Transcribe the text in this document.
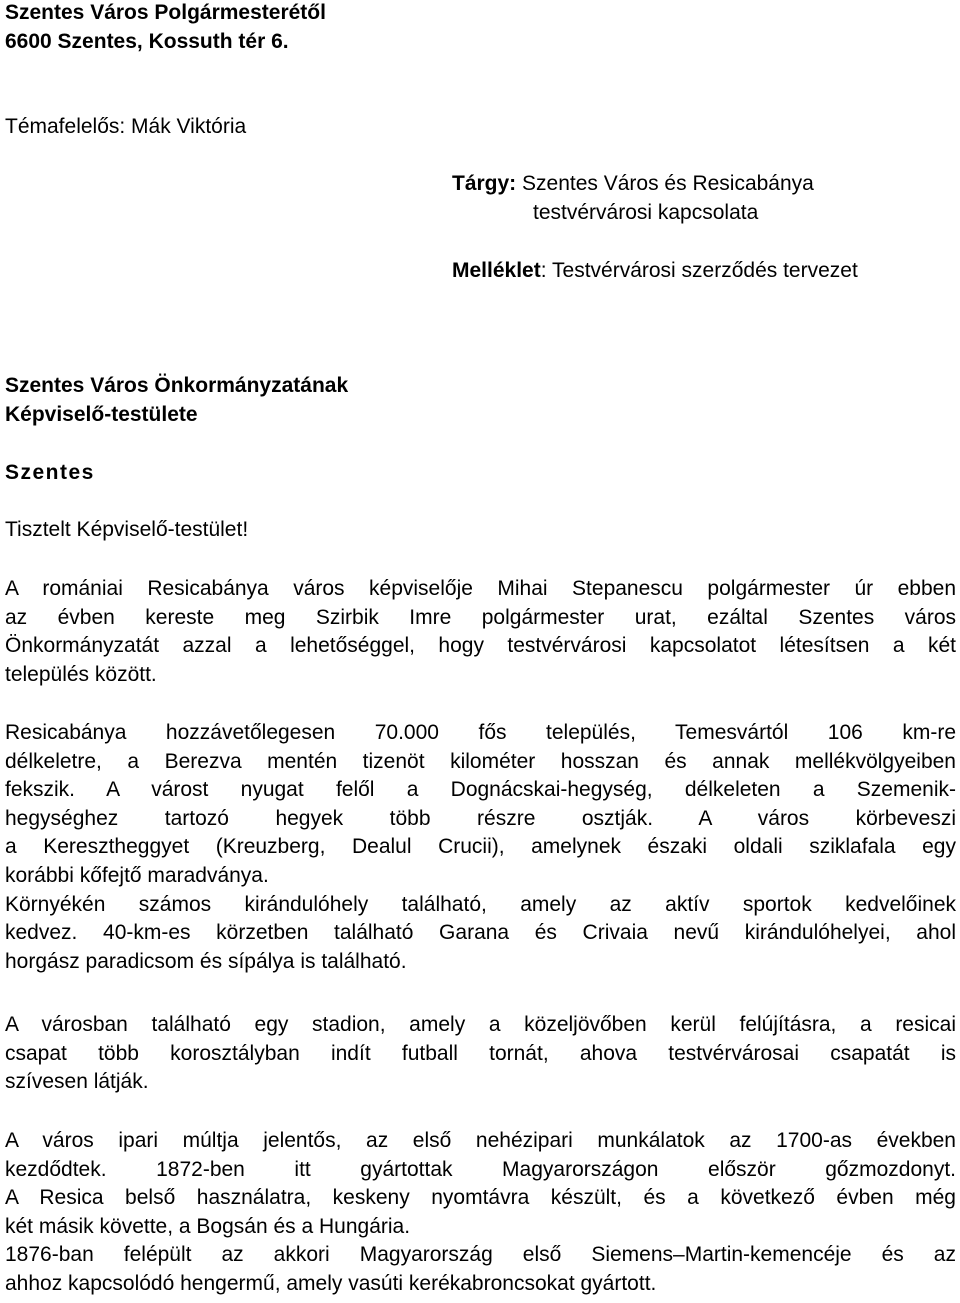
Szentes Város Polgármesterétől
6600 Szentes, Kossuth tér 6.
Témafelelős: Mák Viktória
Tárgy: Szentes Város és Resicabánya
testvérvárosi kapcsolata
Melléklet: Testvérvárosi szerződés tervezet
Szentes Város Önkormányzatának
Képviselő-testülete
Szentes
Tisztelt Képviselő-testület!
A romániai Resicabánya város képviselője Mihai Stepanescu polgármester úr ebben
az évben kereste meg Szirbik Imre polgármester urat, ezáltal Szentes város
Önkormányzatát azzal a lehetőséggel, hogy testvérvárosi kapcsolatot létesítsen a két
település között.
Resicabánya hozzávetőlegesen 70.000 fős település, Temesvártól 106 km-re
délkeletre, a Berezva mentén tizenöt kilométer hosszan és annak mellékvölgyeiben
fekszik. A várost nyugat felől a Dognácskai-hegység, délkeleten a Szemenik-
hegységhez tartozó hegyek több részre osztják. A város körbeveszi
a Keresztheggyet (Kreuzberg, Dealul Crucii), amelynek északi oldali sziklafala egy
korábbi kőfejtő maradványa.
Környékén számos kirándulóhely található, amely az aktív sportok kedvelőinek
kedvez. 40-km-es körzetben található Garana és Crivaia nevű kirándulóhelyei, ahol
horgász paradicsom és sípálya is található.
A városban található egy stadion, amely a közeljövőben kerül felújításra, a resicai
csapat több korosztályban indít futball tornát, ahova testvérvárosai csapatát is
szívesen látják.
A város ipari múltja jelentős, az első nehézipari munkálatok az 1700-as években
kezdődtek. 1872-ben itt gyártottak Magyarországon először gőzmozdonyt.
A Resica belső használatra, keskeny nyomtávra készült, és a következő évben még
két másik követte, a Bogsán és a Hungária.
1876-ban felépült az akkori Magyarország első Siemens–Martin-kemencéje és az
ahhoz kapcsolódó hengermű, amely vasúti kerékabroncsokat gyártott.
